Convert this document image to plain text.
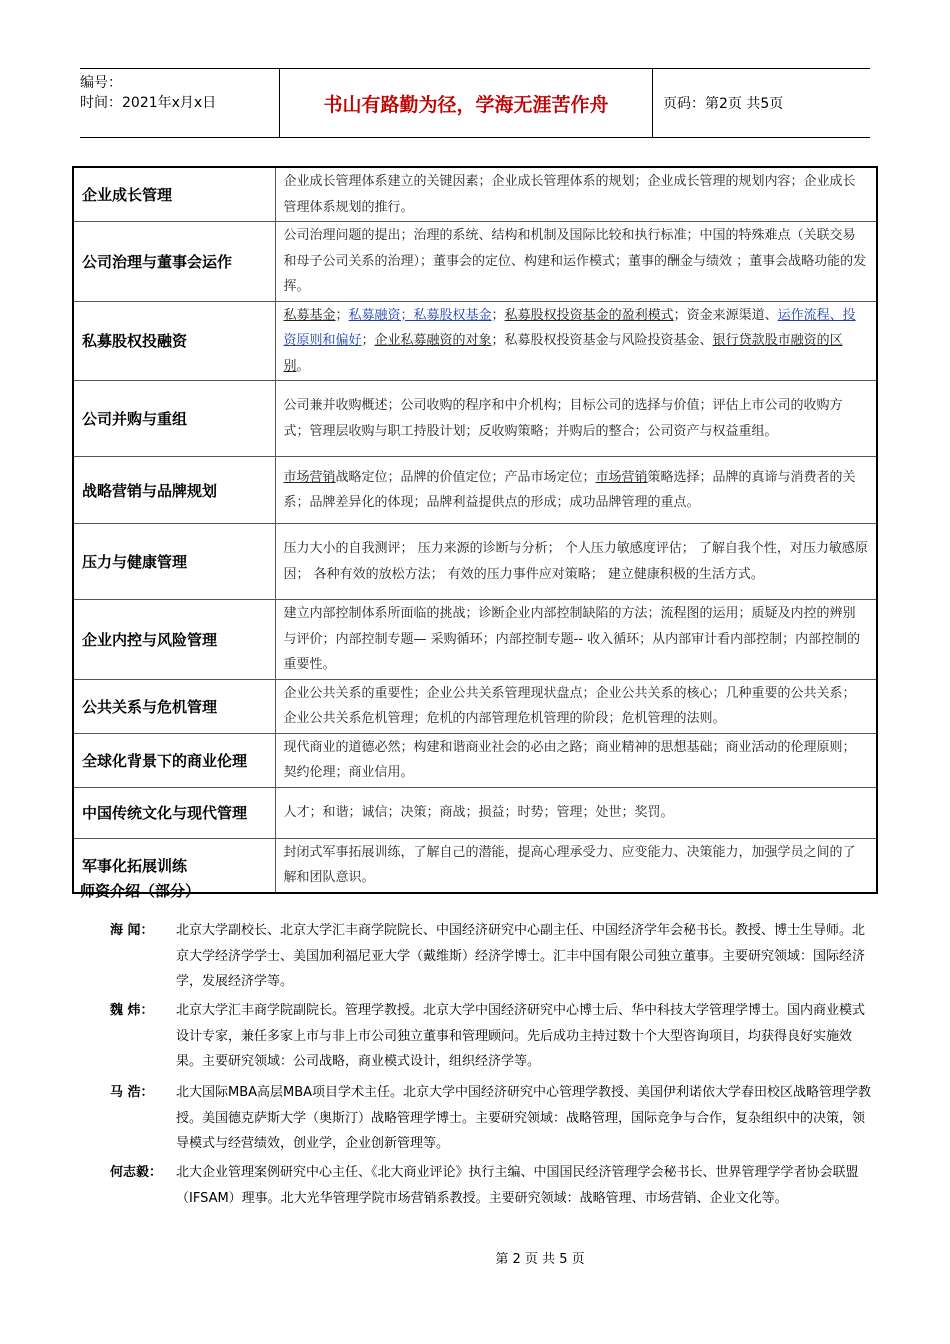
编号：
时间：2021年x月x日	书山有路勤为径，学海无涯苦作舟	页码：第2页 共5页
企业成长管理	企业成长管理体系建立的关键因素；企业成长管理体系的规划；企业成长管理的规划内容；企业成长管理体系规划的推行。
公司治理与董事会运作	公司治理问题的提出；治理的系统、结构和机制及国际比较和执行标准；中国的特殊难点（关联交易和母子公司关系的治理）；董事会的定位、构建和运作模式；董事的酬金与绩效 ；董事会战略功能的发挥。
私募股权投融资	私募基金；私募融资；私募股权基金；私募股权投资基金的盈利模式；资金来源渠道、运作流程、投资原则和偏好；企业私募融资的对象；私募股权投资基金与风险投资基金、银行贷款股市融资的区别。
公司并购与重组	公司兼并收购概述；公司收购的程序和中介机构；目标公司的选择与价值；评估上市公司的收购方式；管理层收购与职工持股计划；反收购策略；并购后的整合；公司资产与权益重组。
战略营销与品牌规划	市场营销战略定位；品牌的价值定位；产品市场定位；市场营销策略选择；品牌的真谛与消费者的关系；品牌差异化的体现；品牌利益提供点的形成；成功品牌管理的重点。
压力与健康管理	压力大小的自我测评； 压力来源的诊断与分析； 个人压力敏感度评估； 了解自我个性，对压力敏感原因； 各种有效的放松方法； 有效的压力事件应对策略； 建立健康积极的生活方式。
企业内控与风险管理	建立内部控制体系所面临的挑战；诊断企业内部控制缺陷的方法；流程图的运用；质疑及内控的辨别与评价；内部控制专题— 采购循环；内部控制专题-- 收入循环；从内部审计看内部控制；内部控制的重要性。
公共关系与危机管理	企业公共关系的重要性；企业公共关系管理现状盘点；企业公共关系的核心；几种重要的公共关系；企业公共关系危机管理；危机的内部管理危机管理的阶段；危机管理的法则。
全球化背景下的商业伦理	现代商业的道德必然；构建和谐商业社会的必由之路；商业精神的思想基础；商业活动的伦理原则；契约伦理；商业信用。
中国传统文化与现代管理	人才；和谐；诚信；决策；商战；损益；时势；管理；处世；奖罚。
军事化拓展训练	封闭式军事拓展训练，了解自己的潜能，提高心理承受力、应变能力、决策能力，加强学员之间的了解和团队意识。
师资介绍（部分）
海 闻：	北京大学副校长、北京大学汇丰商学院院长、中国经济研究中心副主任、中国经济学年会秘书长。教授、博士生导师。北京大学经济学学士、美国加利福尼亚大学（戴维斯）经济学博士。汇丰中国有限公司独立董事。主要研究领域：国际经济学，发展经济学等。
魏 炜：	北京大学汇丰商学院副院长。管理学教授。北京大学中国经济研究中心博士后、华中科技大学管理学博士。国内商业模式设计专家，兼任多家上市与非上市公司独立董事和管理顾问。先后成功主持过数十个大型咨询项目，均获得良好实施效果。主要研究领域：公司战略，商业模式设计，组织经济学等。
马 浩：	北大国际MBA高层MBA项目学术主任。北京大学中国经济研究中心管理学教授、美国伊利诺依大学春田校区战略管理学教授。美国德克萨斯大学（奥斯汀）战略管理学博士。主要研究领域：战略管理，国际竞争与合作，复杂组织中的决策，领导模式与经营绩效，创业学，企业创新管理等。
何志毅：	北大企业管理案例研究中心主任、《北大商业评论》执行主编、中国国民经济管理学会秘书长、世界管理学学者协会联盟（IFSAM）理事。北大光华管理学院市场营销系教授。主要研究领域：战略管理、市场营销、企业文化等。
第 2 页 共 5 页
